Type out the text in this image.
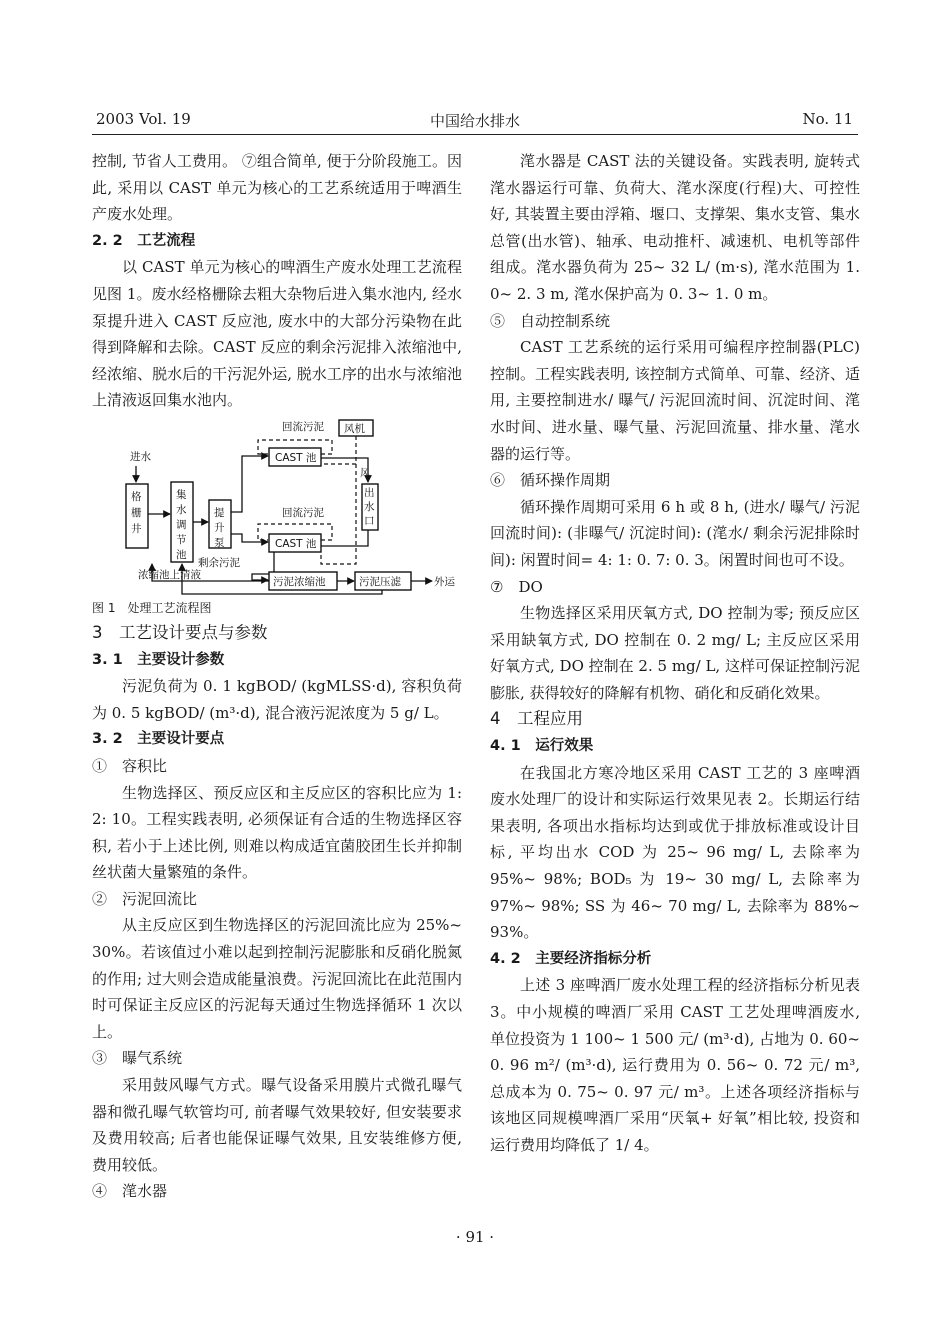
2003 Vol. 19	中国给水排水	No. 11

控制, 节省人工费用。 ⑦组合简单, 便于分阶段施工。因此, 采用以 CAST 单元为核心的工艺系统适用于啤酒生产废水处理。

2. 2　工艺流程

以 CAST 单元为核心的啤酒生产废水处理工艺流程见图 1。废水经格栅除去粗大杂物后进入集水池内, 经水泵提升进入 CAST 反应池, 废水中的大部分污染物在此得到降解和去除。CAST 反应的剩余污泥排入浓缩池中, 经浓缩、脱水后的干污泥外运, 脱水工序的出水与浓缩池上清液返回集水池内。

进水
格
栅
井
集
水
调
节
池
提
升
泵
CAST 池
CAST 池
回流污泥
回流污泥
风机
风
出
水
口
剩余污泥
污泥浓缩池	污泥压滤	外运
浓缩池上清液

图 1　处理工艺流程图

3　工艺设计要点与参数

3. 1　主要设计参数

污泥负荷为 0. 1 kgBOD/ (kgMLSS·d), 容积负荷为 0. 5 kgBOD/ (m³·d), 混合液污泥浓度为 5 g/ L。

3. 2　主要设计要点

①　容积比

生物选择区、预反应区和主反应区的容积比应为 1: 2: 10。工程实践表明, 必须保证有合适的生物选择区容积, 若小于上述比例, 则难以构成适宜菌胶团生长并抑制丝状菌大量繁殖的条件。

②　污泥回流比

从主反应区到生物选择区的污泥回流比应为 25%~ 30%。若该值过小难以起到控制污泥膨胀和反硝化脱氮的作用; 过大则会造成能量浪费。污泥回流比在此范围内时可保证主反应区的污泥每天通过生物选择循环 1 次以上。

③　曝气系统

采用鼓风曝气方式。曝气设备采用膜片式微孔曝气器和微孔曝气软管均可, 前者曝气效果较好, 但安装要求及费用较高; 后者也能保证曝气效果, 且安装维修方便, 费用较低。

④　滗水器

滗水器是 CAST 法的关键设备。实践表明, 旋转式滗水器运行可靠、负荷大、滗水深度(行程)大、可控性好, 其装置主要由浮箱、堰口、支撑架、集水支管、集水总管(出水管)、轴承、电动推杆、减速机、电机等部件组成。滗水器负荷为 25~ 32 L/ (m·s), 滗水范围为 1. 0~ 2. 3 m, 滗水保护高为 0. 3~ 1. 0 m。

⑤　自动控制系统

CAST 工艺系统的运行采用可编程序控制器(PLC)控制。工程实践表明, 该控制方式简单、可靠、经济、适用, 主要控制进水/ 曝气/ 污泥回流时间、沉淀时间、滗水时间、进水量、曝气量、污泥回流量、排水量、滗水器的运行等。

⑥　循环操作周期

循环操作周期可采用 6 h 或 8 h, (进水/ 曝气/ 污泥回流时间): (非曝气/ 沉淀时间): (滗水/ 剩余污泥排除时间): 闲置时间= 4: 1: 0. 7: 0. 3。闲置时间也可不设。

⑦　DO

生物选择区采用厌氧方式, DO 控制为零; 预反应区采用缺氧方式, DO 控制在 0. 2 mg/ L; 主反应区采用好氧方式, DO 控制在 2. 5 mg/ L, 这样可保证控制污泥膨胀, 获得较好的降解有机物、硝化和反硝化效果。

4　工程应用

4. 1　运行效果

在我国北方寒冷地区采用 CAST 工艺的 3 座啤酒废水处理厂的设计和实际运行效果见表 2。长期运行结果表明, 各项出水指标均达到或优于排放标准或设计目标, 平均出水 COD 为 25~ 96 mg/ L, 去除率为 95%~ 98%; BOD₅ 为 19~ 30 mg/ L, 去除率为 97%~ 98%; SS 为 46~ 70 mg/ L, 去除率为 88%~ 93%。

4. 2　主要经济指标分析

上述 3 座啤酒厂废水处理工程的经济指标分析见表 3。中小规模的啤酒厂采用 CAST 工艺处理啤酒废水, 单位投资为 1 100~ 1 500 元/ (m³·d), 占地为 0. 60~ 0. 96 m²/ (m³·d), 运行费用为 0. 56~ 0. 72 元/ m³, 总成本为 0. 75~ 0. 97 元/ m³。上述各项经济指标与该地区同规模啤酒厂采用“厌氧+ 好氧”相比较, 投资和运行费用均降低了 1/ 4。

· 91 ·
